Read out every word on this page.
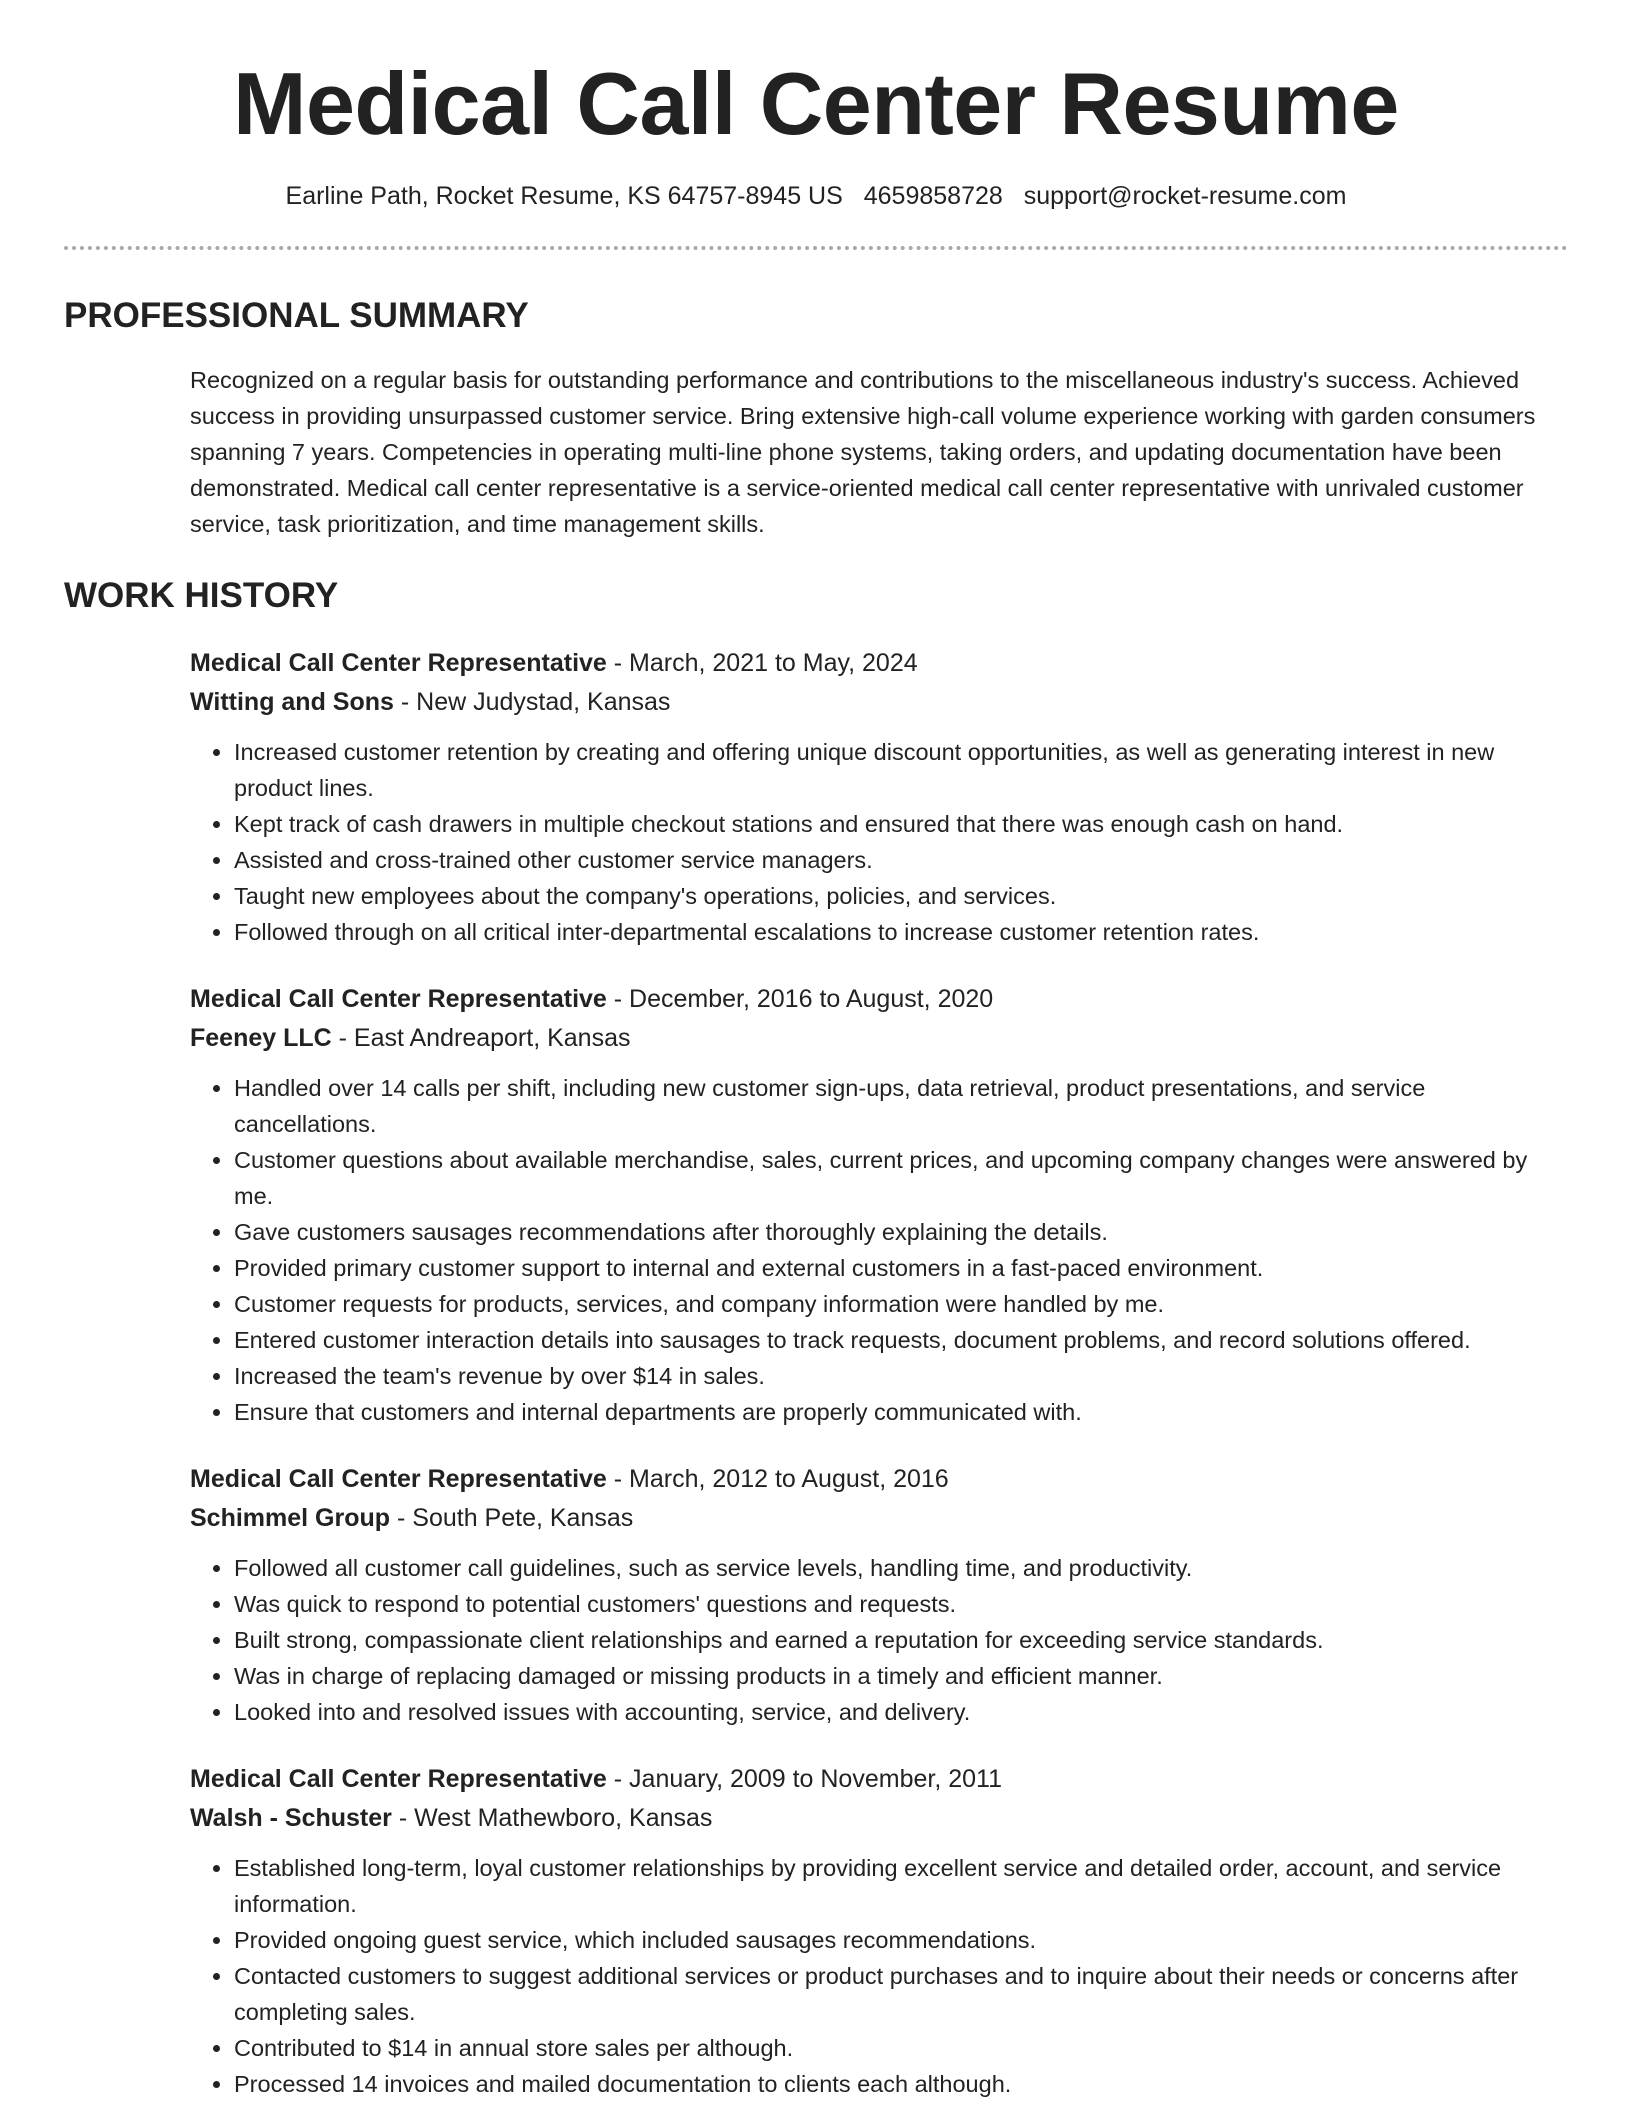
Medical Call Center Resume
Earline Path, Rocket Resume, KS 64757-8945 US 4659858728 support@rocket-resume.com
PROFESSIONAL SUMMARY

Recognized on a regular basis for outstanding performance and contributions to the miscellaneous industry's success. Achieved success in providing unsurpassed customer service. Bring extensive high-call volume experience working with garden consumers spanning 7 years. Competencies in operating multi-line phone systems, taking orders, and updating documentation have been demonstrated. Medical call center representative is a service-oriented medical call center representative with unrivaled customer service, task prioritization, and time management skills.

WORK HISTORY
Medical Call Center Representative - March, 2021 to May, 2024
Witting and Sons - New Judystad, Kansas
• Increased customer retention by creating and offering unique discount opportunities, as well as generating interest in new product lines.
• Kept track of cash drawers in multiple checkout stations and ensured that there was enough cash on hand.
• Assisted and cross-trained other customer service managers.
• Taught new employees about the company's operations, policies, and services.
• Followed through on all critical inter-departmental escalations to increase customer retention rates.
Medical Call Center Representative - December, 2016 to August, 2020
Feeney LLC - East Andreaport, Kansas
• Handled over 14 calls per shift, including new customer sign-ups, data retrieval, product presentations, and service cancellations.
• Customer questions about available merchandise, sales, current prices, and upcoming company changes were answered by me.
• Gave customers sausages recommendations after thoroughly explaining the details.
• Provided primary customer support to internal and external customers in a fast-paced environment.
• Customer requests for products, services, and company information were handled by me.
• Entered customer interaction details into sausages to track requests, document problems, and record solutions offered.
• Increased the team's revenue by over $14 in sales.
• Ensure that customers and internal departments are properly communicated with.
Medical Call Center Representative - March, 2012 to August, 2016
Schimmel Group - South Pete, Kansas
• Followed all customer call guidelines, such as service levels, handling time, and productivity.
• Was quick to respond to potential customers' questions and requests.
• Built strong, compassionate client relationships and earned a reputation for exceeding service standards.
• Was in charge of replacing damaged or missing products in a timely and efficient manner.
• Looked into and resolved issues with accounting, service, and delivery.
Medical Call Center Representative - January, 2009 to November, 2011
Walsh - Schuster - West Mathewboro, Kansas
• Established long-term, loyal customer relationships by providing excellent service and detailed order, account, and service information.
• Provided ongoing guest service, which included sausages recommendations.
• Contacted customers to suggest additional services or product purchases and to inquire about their needs or concerns after completing sales.
• Contributed to $14 in annual store sales per although.
• Processed 14 invoices and mailed documentation to clients each although.
